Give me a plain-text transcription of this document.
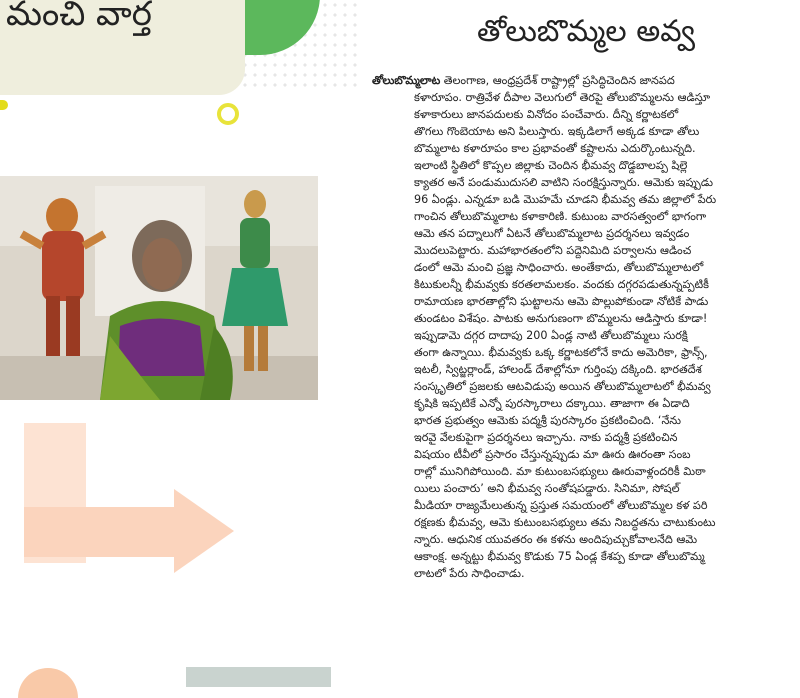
మంచి వార్త	తోలుబొమ్మల అవ్వ
తోలుబొమ్మలాట తెలంగాణ, ఆంధ్రప్రదేశ్ రాష్ట్రాల్లో ప్రసిద్ధిచెందిన జానపద
కళారూపం. రాత్రివేళ దీపాల వెలుగులో తెరపై తోలుబొమ్మలను ఆడిస్తూ
కళాకారులు జానపదులకు వినోదం పంచేవారు. దీన్ని కర్ణాటకలో
తొగలు గొంబెయాట అని పిలుస్తారు. ఇక్కడిలాగే అక్కడ కూడా తోలు
బొమ్మలాట కళారూపం కాల ప్రభావంతో కష్టాలను ఎదుర్కొంటున్నది.
ఇలాంటి స్థితిలో కొప్పల జిల్లాకు చెందిన భీమవ్వ దొడ్డబాలప్ప షిల్లె
క్యాతర అనే పండుముదుసలి వాటిని సంరక్షిస్తున్నారు. ఆమెకు ఇప్పుడు
96 ఏండ్లు. ఎన్నడూ బడి మొహమే చూడని భీమవ్వ తమ జిల్లాలో పేరు
గాంచిన తోలుబొమ్మలాట కళాకారిణి. కుటుంబ వారసత్వంలో భాగంగా
ఆమె తన పద్నాలుగో ఏటనే తోలుబొమ్మలాట ప్రదర్శనలు ఇవ్వడం
మొదలుపెట్టారు. మహాభారతంలోని పద్దెనిమిది పర్వాలను ఆడించ
డంలో ఆమె మంచి ప్రజ్ఞ సాధించారు. అంతేకాదు, తోలుబొమ్మలాటలో
కిటుకులన్నీ భీమవ్వకు కరతలామలకం. వందకు దగ్గరపడుతున్నప్పటికీ
రామాయణ భారతాల్లోని ఘట్టాలను ఆమె పొల్లుపోకుండా నోటికే పాడు
తుండటం విశేషం. పాటకు అనుగుణంగా బొమ్మలను ఆడిస్తారు కూడా!
ఇప్పుడామె దగ్గర దాదాపు 200 ఏండ్ల నాటి తోలుబొమ్మలు సురక్షి
తంగా ఉన్నాయి. భీమవ్వకు ఒక్క కర్ణాటకలోనే కాదు అమెరికా, ఫ్రాన్స్,
ఇటలీ, స్విట్జర్లాండ్, హాలండ్ దేశాల్లోనూ గుర్తింపు దక్కింది. భారతదేశ
సంస్కృతిలో ప్రజలకు ఆటవిడుపు అయిన తోలుబొమ్మలాటలో భీమవ్వ
కృషికి ఇప్పటికే ఎన్నో పురస్కారాలు దక్కాయి. తాజాగా ఈ ఏడాది
భారత ప్రభుత్వం ఆమెకు పద్మశ్రీ పురస్కారం ప్రకటించింది. ‘నేను
ఇరవై వేలకుపైగా ప్రదర్శనలు ఇచ్చాను. నాకు పద్మశ్రీ ప్రకటించిన
విషయం టీవీలో ప్రసారం చేస్తున్నప్పుడు మా ఊరు ఊరంతా సంబ
రాల్లో మునిగిపోయింది. మా కుటుంబసభ్యులు ఊరువాళ్లందరికీ మిఠా
యిలు పంచారు’ అని భీమవ్వ సంతోషపడ్డారు. సినిమా, సోషల్
మీడియా రాజ్యమేలుతున్న ప్రస్తుత సమయంలో తోలుబొమ్మల కళ పరి
రక్షణకు భీమవ్వ, ఆమె కుటుంబసభ్యులు తమ నిబద్ధతను చాటుకుంటు
న్నారు. ఆధునిక యువతరం ఈ కళను అందిపుచ్చుకోవాలనేది ఆమె
ఆకాంక్ష. అన్నట్టు భీమవ్వ కొడుకు 75 ఏండ్ల కేశప్ప కూడా తోలుబొమ్మ
లాటలో పేరు సాధించాడు.
